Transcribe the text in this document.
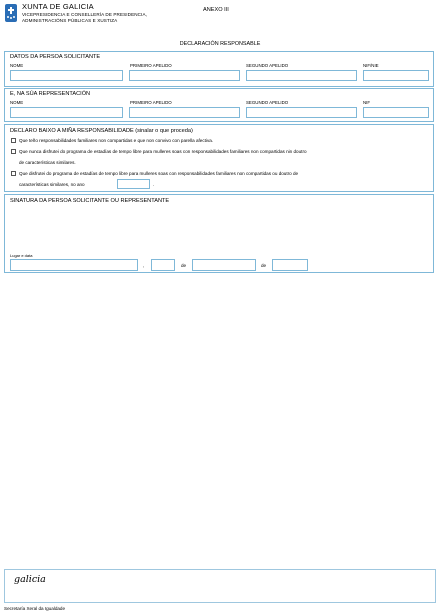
XUNTA DE GALICIA
VICEPRESIDENCIA E CONSELLERÍA DE PRESIDENCIA,
ADMINISTRACIÓNS PÚBLICAS E XUSTIZA
ANEXO III
DECLARACIÓN RESPONSABLE
DATOS DA PERSOA SOLICITANTE
NOME	PRIMEIRO APELIDO	SEGUNDO APELIDO	NIF/NIE
E, NA SÚA REPRESENTACIÓN
NOME	PRIMEIRO APELIDO	SEGUNDO APELIDO	NIF
DECLARO BAIXO A MIÑA RESPONSABILIDADE (sinalar o que proceda)
Que teño responsabilidades familiares non compartidas e que non convivo con parella afectiva.
Que nunca disfrutei do programa de estadías de tempo libre para mulleres soas con responsabilidades familiares non compartidas nin doutro
de características similares.
Que disfrutei do programa de estadías de tempo libre para mulleres soas con responsabilidades familiares non compartidas ou doutro de
características similares, no ano	.
SINATURA DA PERSOA SOLICITANTE OU REPRESENTANTE
Lugar e data
,	de	de
galicia
Secretaría Xeral da Igualdade
